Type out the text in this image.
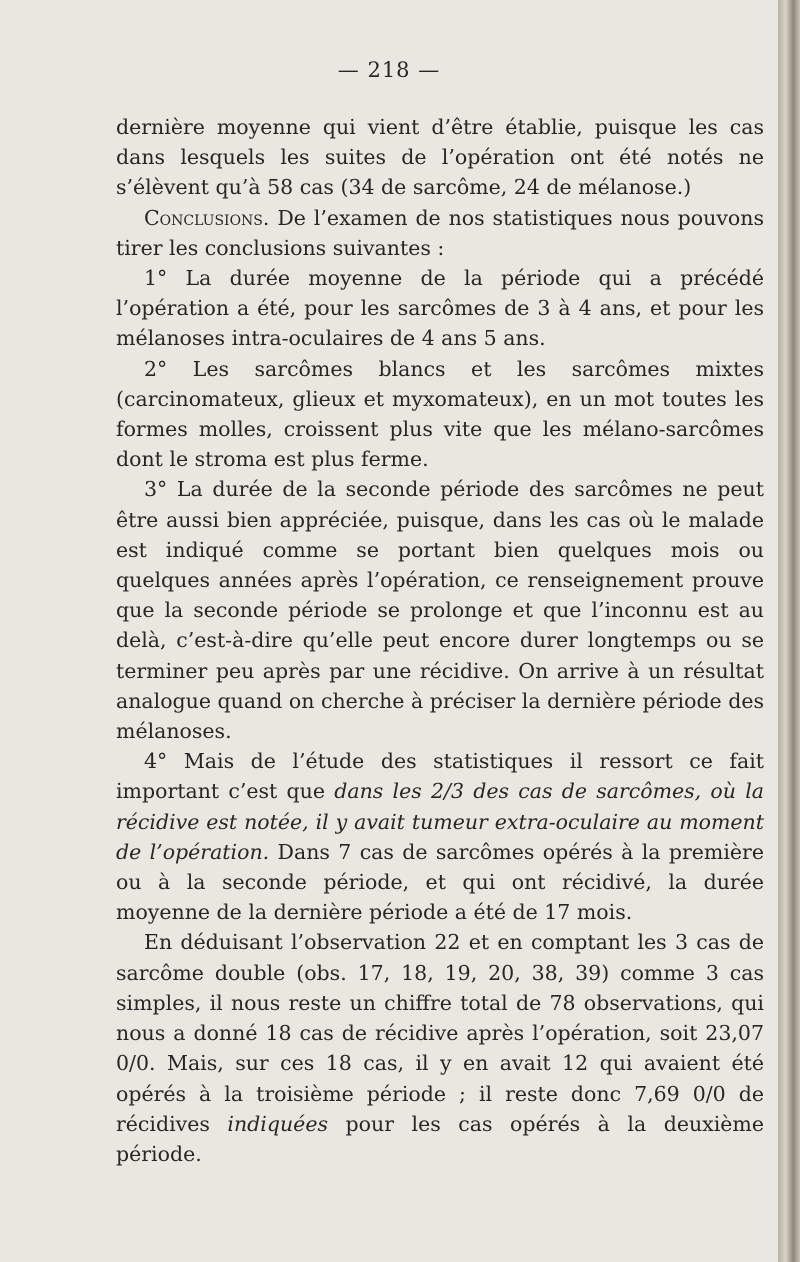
— 218 —

dernière moyenne qui vient d’être établie, puisque les cas dans lesquels les suites de l’opération ont été notés ne s’élèvent qu’à 58 cas (34 de sarcôme, 24 de mélanose.)

Conclusions. De l’examen de nos statistiques nous pouvons tirer les conclusions suivantes :

1° La durée moyenne de la période qui a précédé l’opération a été, pour les sarcômes de 3 à 4 ans, et pour les mélanoses intra-oculaires de 4 ans 5 ans.

2° Les sarcômes blancs et les sarcômes mixtes (carcinomateux, glieux et myxomateux), en un mot toutes les formes molles, croissent plus vite que les mélano-sarcômes dont le stroma est plus ferme.

3° La durée de la seconde période des sarcômes ne peut être aussi bien appréciée, puisque, dans les cas où le malade est indiqué comme se portant bien quelques mois ou quelques années après l’opération, ce renseignement prouve que la seconde période se prolonge et que l’inconnu est au delà, c’est-à-dire qu’elle peut encore durer longtemps ou se terminer peu après par une récidive. On arrive à un résultat analogue quand on cherche à préciser la dernière période des mélanoses.

4° Mais de l’étude des statistiques il ressort ce fait important c’est que dans les 2/3 des cas de sarcômes, où la récidive est notée, il y avait tumeur extra-oculaire au moment de l’opération. Dans 7 cas de sarcômes opérés à la première ou à la seconde période, et qui ont récidivé, la durée moyenne de la dernière période a été de 17 mois.

En déduisant l’observation 22 et en comptant les 3 cas de sarcôme double (obs. 17, 18, 19, 20, 38, 39) comme 3 cas simples, il nous reste un chiffre total de 78 observations, qui nous a donné 18 cas de récidive après l’opération, soit 23,07 0/0. Mais, sur ces 18 cas, il y en avait 12 qui avaient été opérés à la troisième période ; il reste donc 7,69 0/0 de récidives indiquées pour les cas opérés à la deuxième période.
